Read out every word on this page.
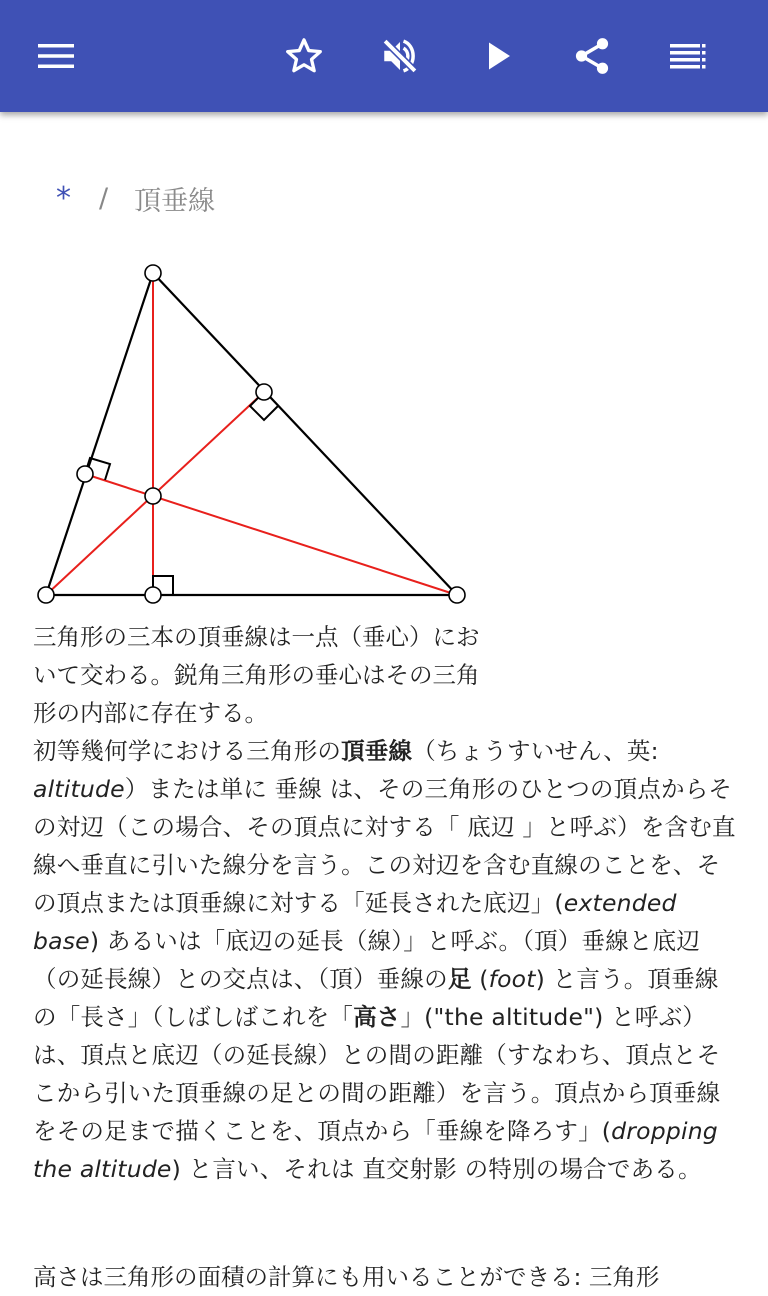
* / 頂垂線
三角形の三本の頂垂線は一点（垂心）において交わる。鋭角三角形の垂心はその三角形の内部に存在する。
初等幾何学における三角形の頂垂線（ちょうすいせん、英: altitude）または単に 垂線 は、その三角形のひとつの頂点からその対辺（この場合、その頂点に対する「 底辺 」と呼ぶ）を含む直線へ垂直に引いた線分を言う。この対辺を含む直線のことを、その頂点または頂垂線に対する「延長された底辺」(extended base) あるいは「底辺の延長（線）」と呼ぶ。（頂）垂線と底辺（の延長線）との交点は、（頂）垂線の足 (foot) と言う。頂垂線の「長さ」（しばしばこれを「高さ」("the altitude") と呼ぶ）は、頂点と底辺（の延長線）との間の距離（すなわち、頂点とそこから引いた頂垂線の足との間の距離）を言う。頂点から頂垂線をその足まで描くことを、頂点から「垂線を降ろす」(dropping the altitude) と言い、それは 直交射影 の特別の場合である。
高さは三角形の面積の計算にも用いることができる: 三角形
